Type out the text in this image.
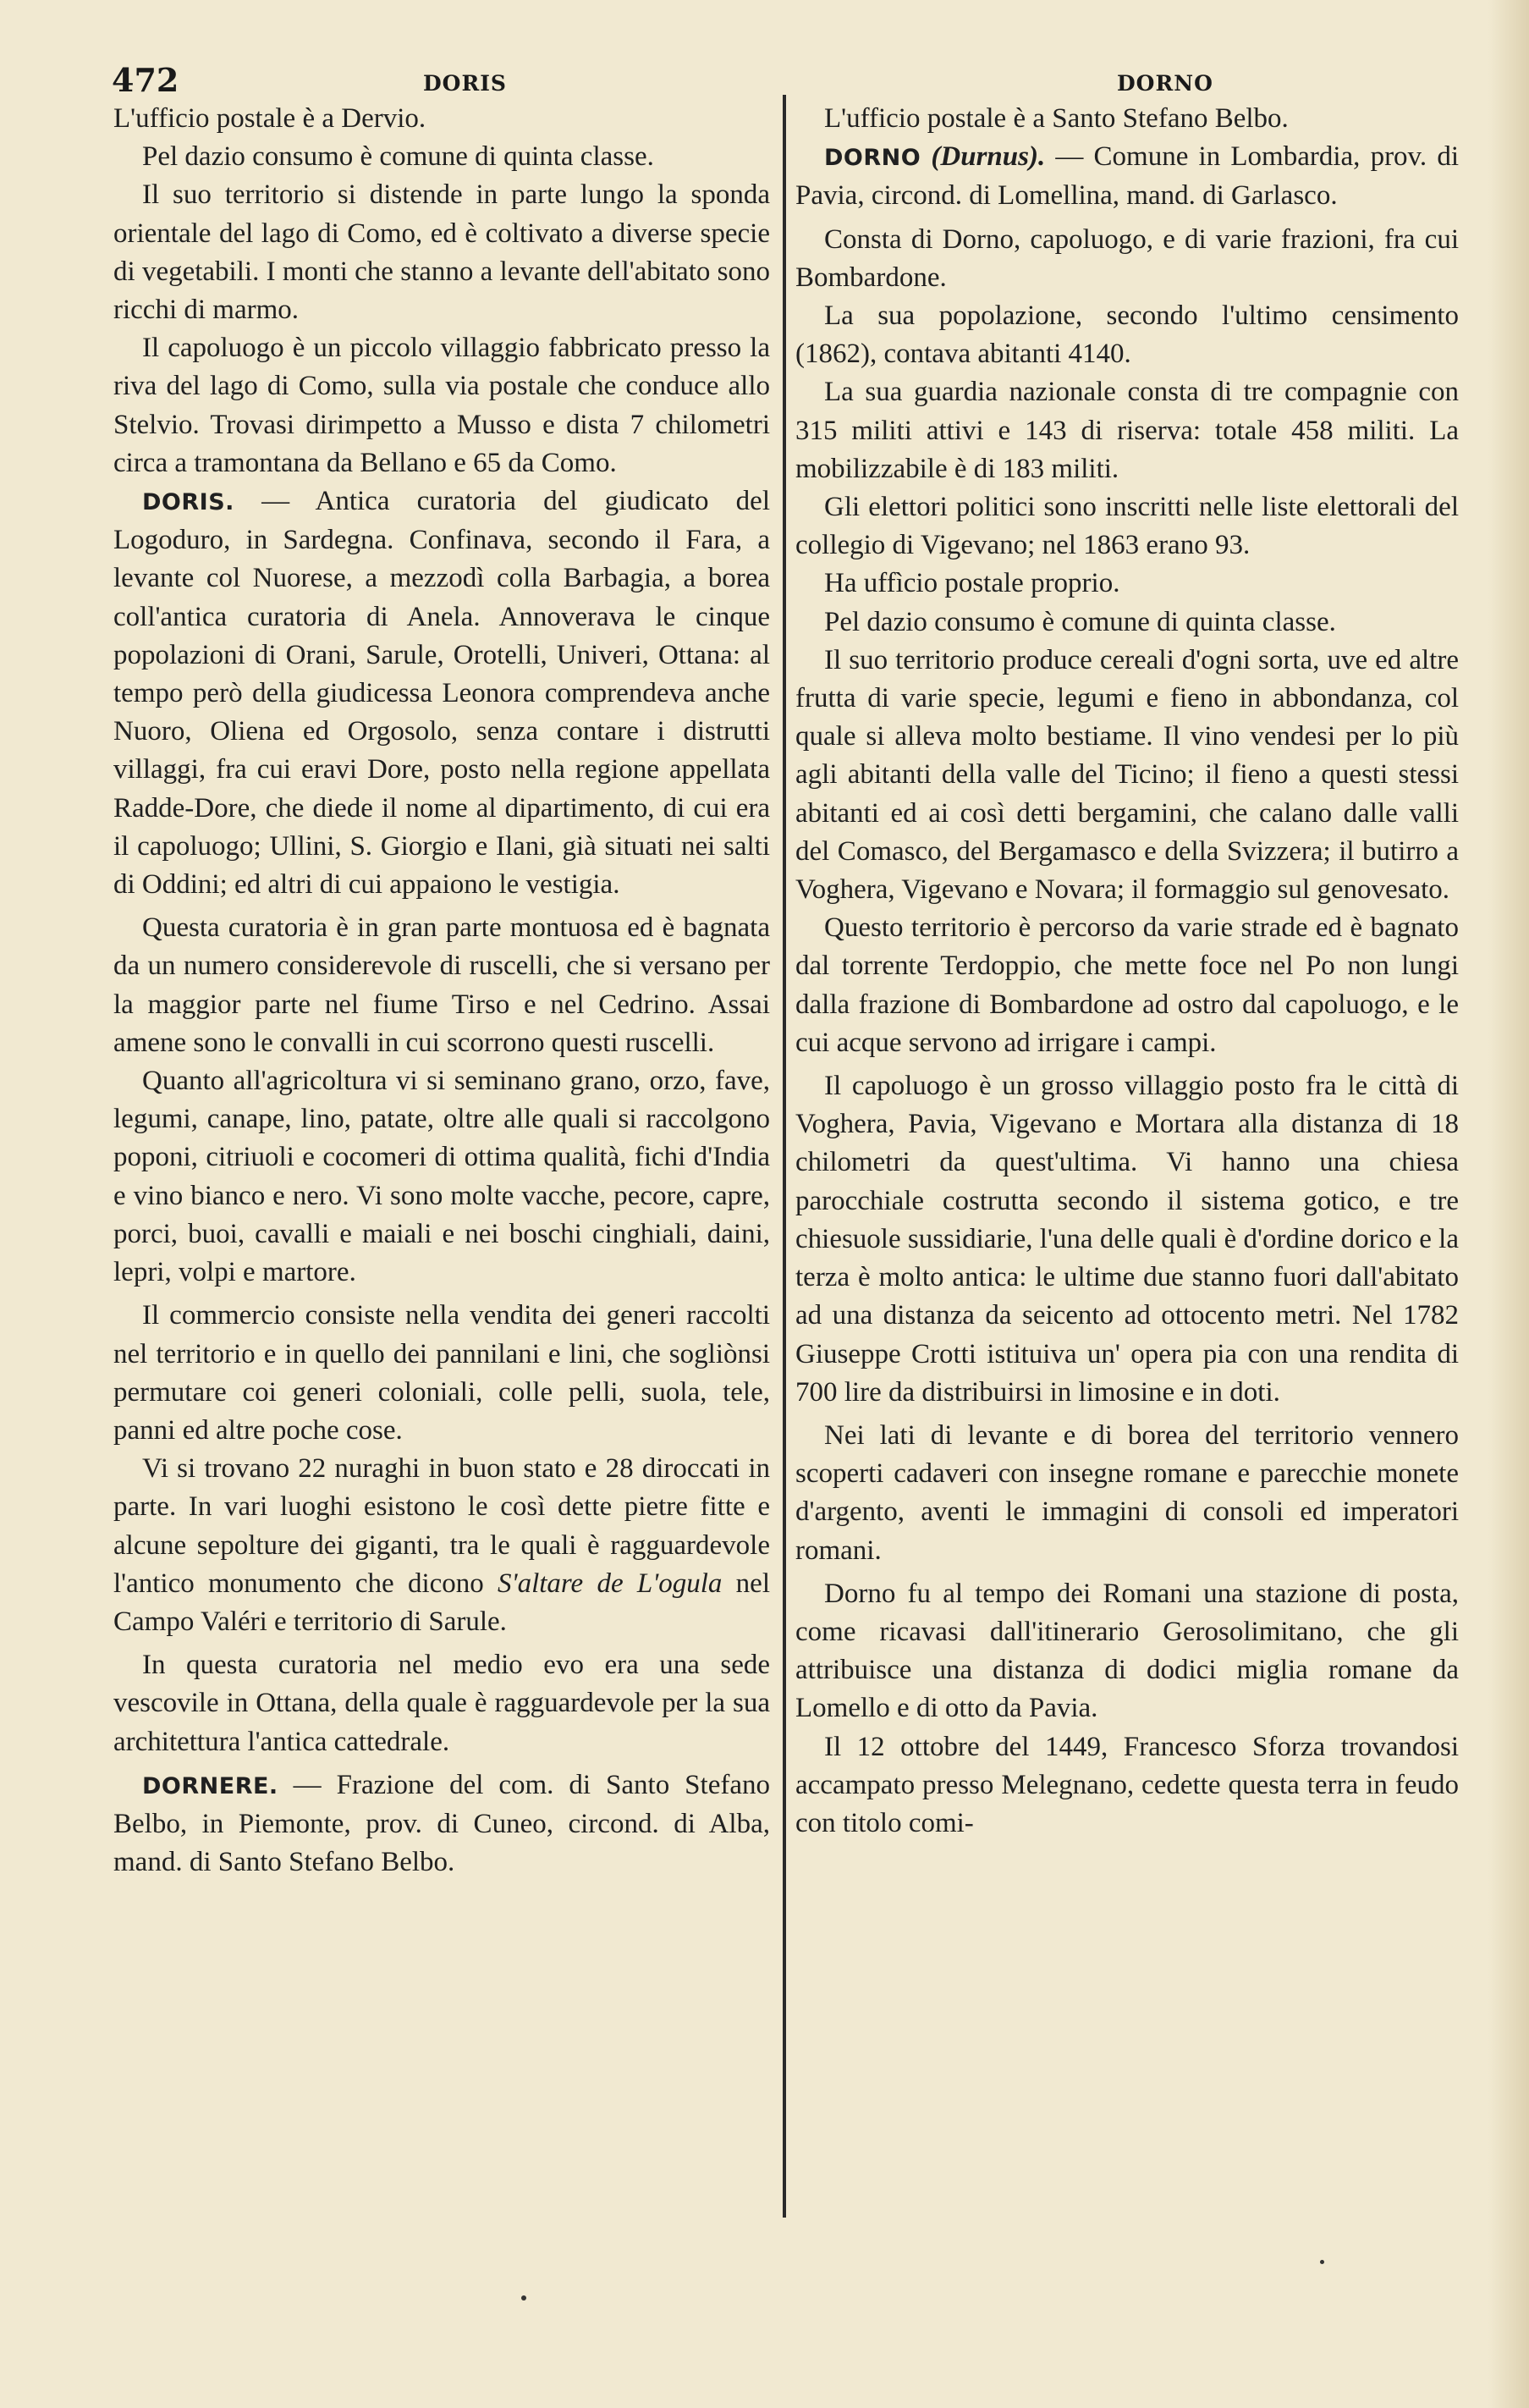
472	DORIS	DORNO

L'ufficio postale è a Dervio.

Pel dazio consumo è comune di quinta classe.

Il suo territorio si distende in parte lungo la sponda orientale del lago di Como, ed è coltivato a diverse specie di vegetabili. I monti che stanno a levante dell'abitato sono ricchi di marmo.

Il capoluogo è un piccolo villaggio fabbricato presso la riva del lago di Como, sulla via postale che conduce allo Stelvio. Trovasi dirimpetto a Musso e dista 7 chilometri circa a tramontana da Bellano e 65 da Como.

DORIS. — Antica curatoria del giudicato del Logoduro, in Sardegna. Confinava, secondo il Fara, a levante col Nuorese, a mezzodì colla Barbagia, a borea coll'antica curatoria di Anela. Annoverava le cinque popolazioni di Orani, Sarule, Orotelli, Univeri, Ottana: al tempo però della giudicessa Leonora comprendeva anche Nuoro, Oliena ed Orgosolo, senza contare i distrutti villaggi, fra cui eravi Dore, posto nella regione appellata Radde-Dore, che diede il nome al dipartimento, di cui era il capoluogo; Ullini, S. Giorgio e Ilani, già situati nei salti di Oddini; ed altri di cui appaiono le vestigia.

Questa curatoria è in gran parte montuosa ed è bagnata da un numero considerevole di ruscelli, che si versano per la maggior parte nel fiume Tirso e nel Cedrino. Assai amene sono le convalli in cui scorrono questi ruscelli.

Quanto all'agricoltura vi si seminano grano, orzo, fave, legumi, canape, lino, patate, oltre alle quali si raccolgono poponi, citriuoli e cocomeri di ottima qualità, fichi d'India e vino bianco e nero. Vi sono molte vacche, pecore, capre, porci, buoi, cavalli e maiali e nei boschi cinghiali, daini, lepri, volpi e martore.

Il commercio consiste nella vendita dei generi raccolti nel territorio e in quello dei pannilani e lini, che sogliònsi permutare coi generi coloniali, colle pelli, suola, tele, panni ed altre poche cose.

Vi si trovano 22 nuraghi in buon stato e 28 diroccati in parte. In vari luoghi esistono le così dette pietre fitte e alcune sepolture dei giganti, tra le quali è ragguardevole l'antico monumento che dicono S'altare de L'ogula nel Campo Valéri e territorio di Sarule.

In questa curatoria nel medio evo era una sede vescovile in Ottana, della quale è ragguardevole per la sua architettura l'antica cattedrale.

DORNERE. — Frazione del com. di Santo Stefano Belbo, in Piemonte, prov. di Cuneo, circond. di Alba, mand. di Santo Stefano Belbo.

L'ufficio postale è a Santo Stefano Belbo.

DORNO (Durnus). — Comune in Lombardia, prov. di Pavia, circond. di Lomellina, mand. di Garlasco.

Consta di Dorno, capoluogo, e di varie frazioni, fra cui Bombardone.

La sua popolazione, secondo l'ultimo censimento (1862), contava abitanti 4140.

La sua guardia nazionale consta di tre compagnie con 315 militi attivi e 143 di riserva: totale 458 militi. La mobilizzabile è di 183 militi.

Gli elettori politici sono inscritti nelle liste elettorali del collegio di Vigevano; nel 1863 erano 93.

Ha uffìcio postale proprio.

Pel dazio consumo è comune di quinta classe.

Il suo territorio produce cereali d'ogni sorta, uve ed altre frutta di varie specie, legumi e fieno in abbondanza, col quale si alleva molto bestiame. Il vino vendesi per lo più agli abitanti della valle del Ticino; il fieno a questi stessi abitanti ed ai così detti bergamini, che calano dalle valli del Comasco, del Bergamasco e della Svizzera; il butirro a Voghera, Vigevano e Novara; il formaggio sul genovesato.

Questo territorio è percorso da varie strade ed è bagnato dal torrente Terdoppio, che mette foce nel Po non lungi dalla frazione di Bombardone ad ostro dal capoluogo, e le cui acque servono ad irrigare i campi.

Il capoluogo è un grosso villaggio posto fra le città di Voghera, Pavia, Vigevano e Mortara alla distanza di 18 chilometri da quest'ultima. Vi hanno una chiesa parocchiale costrutta secondo il sistema gotico, e tre chiesuole sussidiarie, l'una delle quali è d'ordine dorico e la terza è molto antica: le ultime due stanno fuori dall'abitato ad una distanza da seicento ad ottocento metri. Nel 1782 Giuseppe Crotti istituiva un' opera pia con una rendita di 700 lire da distribuirsi in limosine e in doti.

Nei lati di levante e di borea del territorio vennero scoperti cadaveri con insegne romane e parecchie monete d'argento, aventi le immagini di consoli ed imperatori romani.

Dorno fu al tempo dei Romani una stazione di posta, come ricavasi dall'itinerario Gerosolimitano, che gli attribuisce una distanza di dodici miglia romane da Lomello e di otto da Pavia.

Il 12 ottobre del 1449, Francesco Sforza trovandosi accampato presso Melegnano, cedette questa terra in feudo con titolo comi-
